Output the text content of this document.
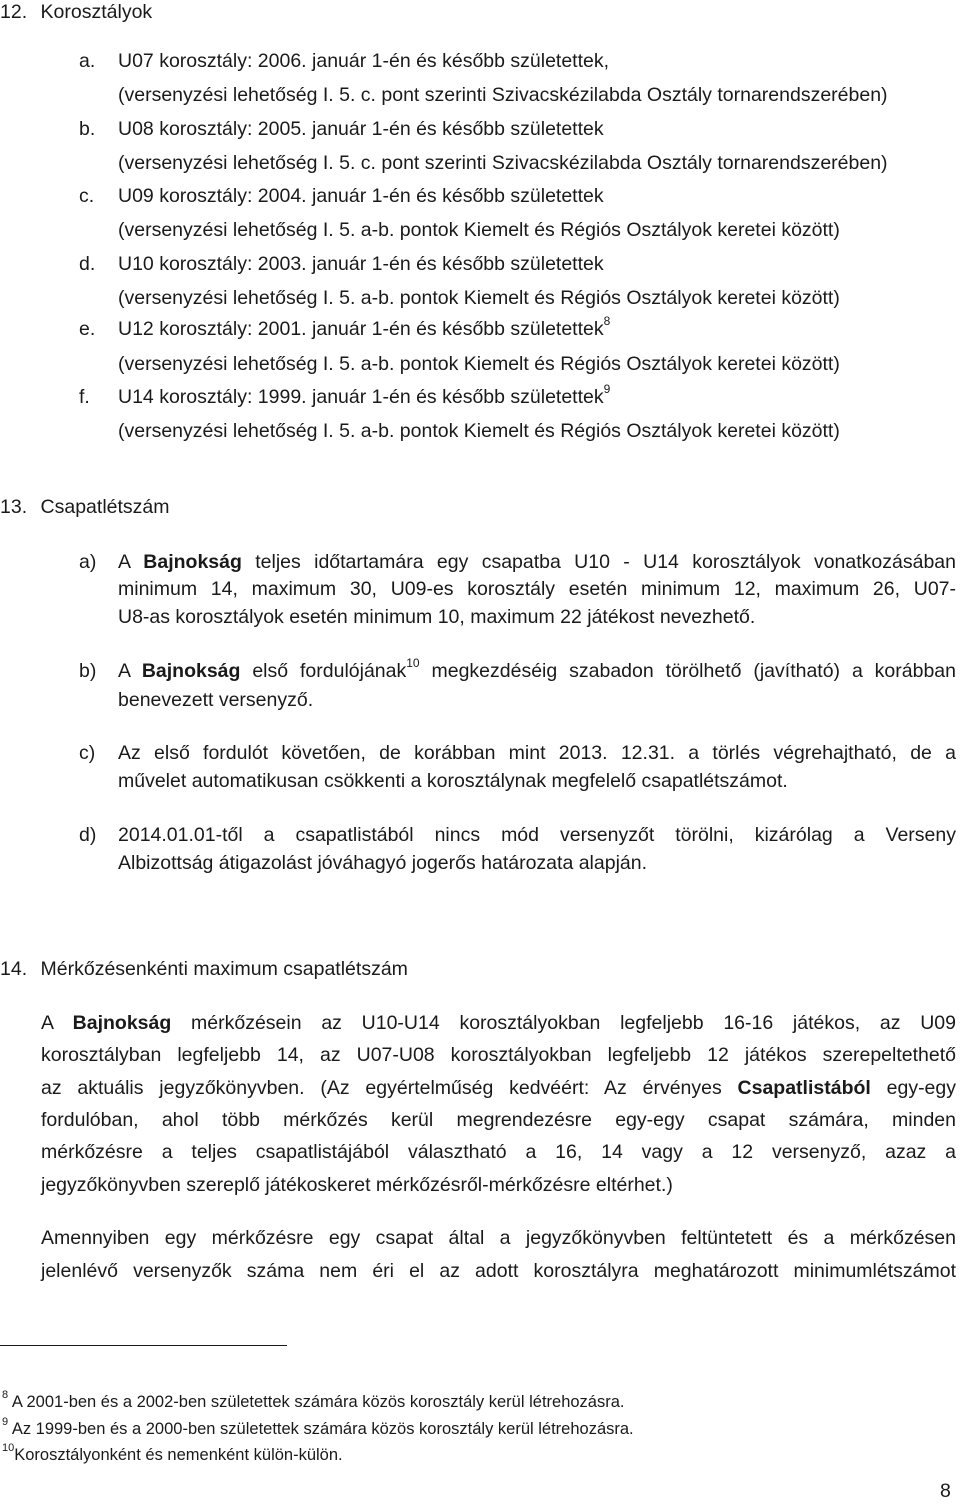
12. Korosztályok
a. U07 korosztály: 2006. január 1-én és később születettek,
(versenyzési lehetőség I. 5. c. pont szerinti Szivacskézilabda Osztály tornarendszerében)
b. U08 korosztály: 2005. január 1-én és később születettek
(versenyzési lehetőség I. 5. c. pont szerinti Szivacskézilabda Osztály tornarendszerében)
c. U09 korosztály: 2004. január 1-én és később születettek
(versenyzési lehetőség I. 5. a-b. pontok Kiemelt és Régiós Osztályok keretei között)
d. U10 korosztály: 2003. január 1-én és később születettek
(versenyzési lehetőség I. 5. a-b. pontok Kiemelt és Régiós Osztályok keretei között)
e. U12 korosztály: 2001. január 1-én és később születettek$^8$
(versenyzési lehetőség I. 5. a-b. pontok Kiemelt és Régiós Osztályok keretei között)
f. U14 korosztály: 1999. január 1-én és később születettek$^9$
(versenyzési lehetőség I. 5. a-b. pontok Kiemelt és Régiós Osztályok keretei között)
13. Csapatlétszám
a) A Bajnokság teljes időtartamára egy csapatba U10 - U14 korosztályok vonatkozásában
minimum 14, maximum 30, U09-es korosztály esetén minimum 12, maximum 26, U07-
U8-as korosztályok esetén minimum 10, maximum 22 játékost nevezhető.
b) A Bajnokság első fordulójának$^{10}$ megkezdéséig szabadon törölhető (javítható) a korábban
benevezett versenyző.
c) Az első fordulót követően, de korábban mint 2013. 12.31. a törlés végrehajtható, de a
művelet automatikusan csökkenti a korosztálynak megfelelő csapatlétszámot.
d) 2014.01.01-től a csapatlistából nincs mód versenyzőt törölni, kizárólag a Verseny
Albizottság átigazolást jóváhagyó jogerős határozata alapján.
14. Mérkőzésenkénti maximum csapatlétszám
A Bajnokság mérkőzésein az U10-U14 korosztályokban legfeljebb 16-16 játékos, az U09
korosztályban legfeljebb 14, az U07-U08 korosztályokban legfeljebb 12 játékos szerepeltethető
az aktuális jegyzőkönyvben. (Az egyértelműség kedvéért: Az érvényes Csapatlistából egy-egy
fordulóban, ahol több mérkőzés kerül megrendezésre egy-egy csapat számára, minden
mérkőzésre a teljes csapatlistájából választható a 16, 14 vagy a 12 versenyző, azaz a
jegyzőkönyvben szereplő játékoskeret mérkőzésről-mérkőzésre eltérhet.)
Amennyiben egy mérkőzésre egy csapat által a jegyzőkönyvben feltüntetett és a mérkőzésen
jelenlévő versenyzők száma nem éri el az adott korosztályra meghatározott minimumlétszámot
$^8$ A 2001-ben és a 2002-ben születettek számára közös korosztály kerül létrehozásra.
$^9$ Az 1999-ben és a 2000-ben születettek számára közös korosztály kerül létrehozásra.
$^{10}$Korosztályonként és nemenként külön-külön.
8
